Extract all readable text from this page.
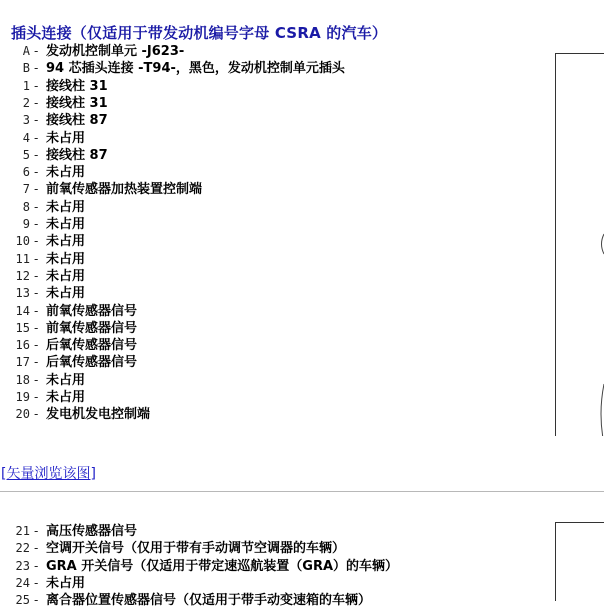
插头连接（仅适用于带发动机编号字母 CSRA 的汽车）
A - 发动机控制单元 -J623-
B - 94 芯插头连接 -T94-，黑色，发动机控制单元插头
1 - 接线柱 31
2 - 接线柱 31
3 - 接线柱 87
4 - 未占用
5 - 接线柱 87
6 - 未占用
7 - 前氧传感器加热装置控制端
8 - 未占用
9 - 未占用
10 - 未占用
11 - 未占用
12 - 未占用
13 - 未占用
14 - 前氧传感器信号
15 - 前氧传感器信号
16 - 后氧传感器信号
17 - 后氧传感器信号
18 - 未占用
19 - 未占用
20 - 发电机发电控制端
[矢量浏览该图]
21 - 高压传感器信号
22 - 空调开关信号（仅用于带有手动调节空调器的车辆）
23 - GRA 开关信号（仅适用于带定速巡航装置（GRA）的车辆）
24 - 未占用
25 - 离合器位置传感器信号（仅适用于带手动变速箱的车辆）
